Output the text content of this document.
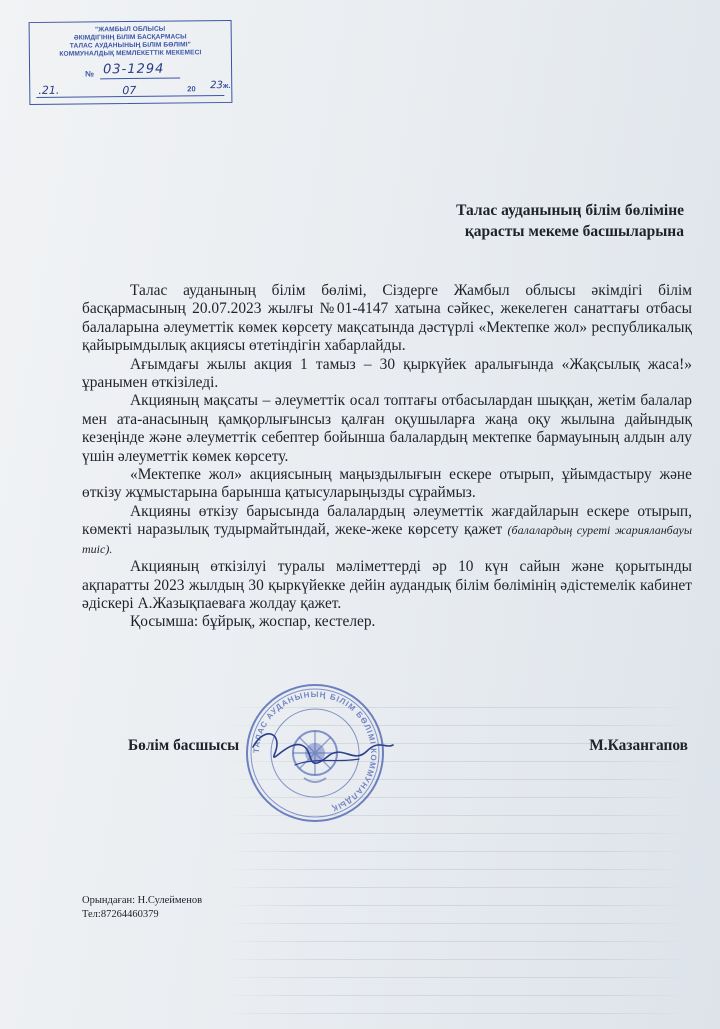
"ЖАМБЫЛ ОБЛЫСЫ
ӘКІМДІГІНІҢ БІЛІМ БАСҚАРМАСЫ
ТАЛАС АУДАНЫНЫҢ БІЛІМ БӨЛІМІ"
КОММУНАЛДЫҚ МЕМЛЕКЕТТІК МЕКЕМЕСІ
№ 03-1294
.21.	07	20 23ж.
Талас ауданының білім бөліміне
қарасты мекеме басшыларына

Талас ауданының білім бөлімі, Сіздерге Жамбыл облысы әкімдігі білім басқармасының 20.07.2023 жылғы №01-4147 хатына сәйкес, жекелеген санаттағы отбасы балаларына әлеуметтік көмек көрсету мақсатында дәстүрлі «Мектепке жол» республикалық қайырымдылық акциясы өтетіндігін хабарлайды.

Ағымдағы жылы акция 1 тамыз – 30 қыркүйек аралығында «Жақсылық жаса!» ұранымен өткізіледі.

Акцияның мақсаты – әлеуметтік осал топтағы отбасылардан шыққан, жетім балалар мен ата-анасының қамқорлығынсыз қалған оқушыларға жаңа оқу жылына дайындық кезеңінде және әлеуметтік себептер бойынша балалардың мектепке бармауының алдын алу үшін әлеуметтік көмек көрсету.

«Мектепке жол» акциясының маңыздылығын ескере отырып, ұйымдастыру және өткізу жұмыстарына барынша қатысуларыңызды сұраймыз.

Акцияны өткізу барысында балалардың әлеуметтік жағдайларын ескере отырып, көмекті наразылық тудырмайтындай, жеке-жеке көрсету қажет (балалардың суреті жарияланбауы тиіс).

Акцияның өткізілуі туралы мәліметтерді әр 10 күн сайын және қорытынды ақпаратты 2023 жылдың 30 қыркүйекке дейін аудандық білім бөлімінің әдістемелік кабинет әдіскері А.Жазықпаеваға жолдау қажет.

Қосымша: бұйрық, жоспар, кестелер.

ТАЛАС АУДАНЫНЫҢ БІЛІМ БӨЛІМІ КОММУНАЛДЫҚ
Бөлім басшысы	М.Казангапов
Орындаған: Н.Сулейменов
Тел:87264460379
